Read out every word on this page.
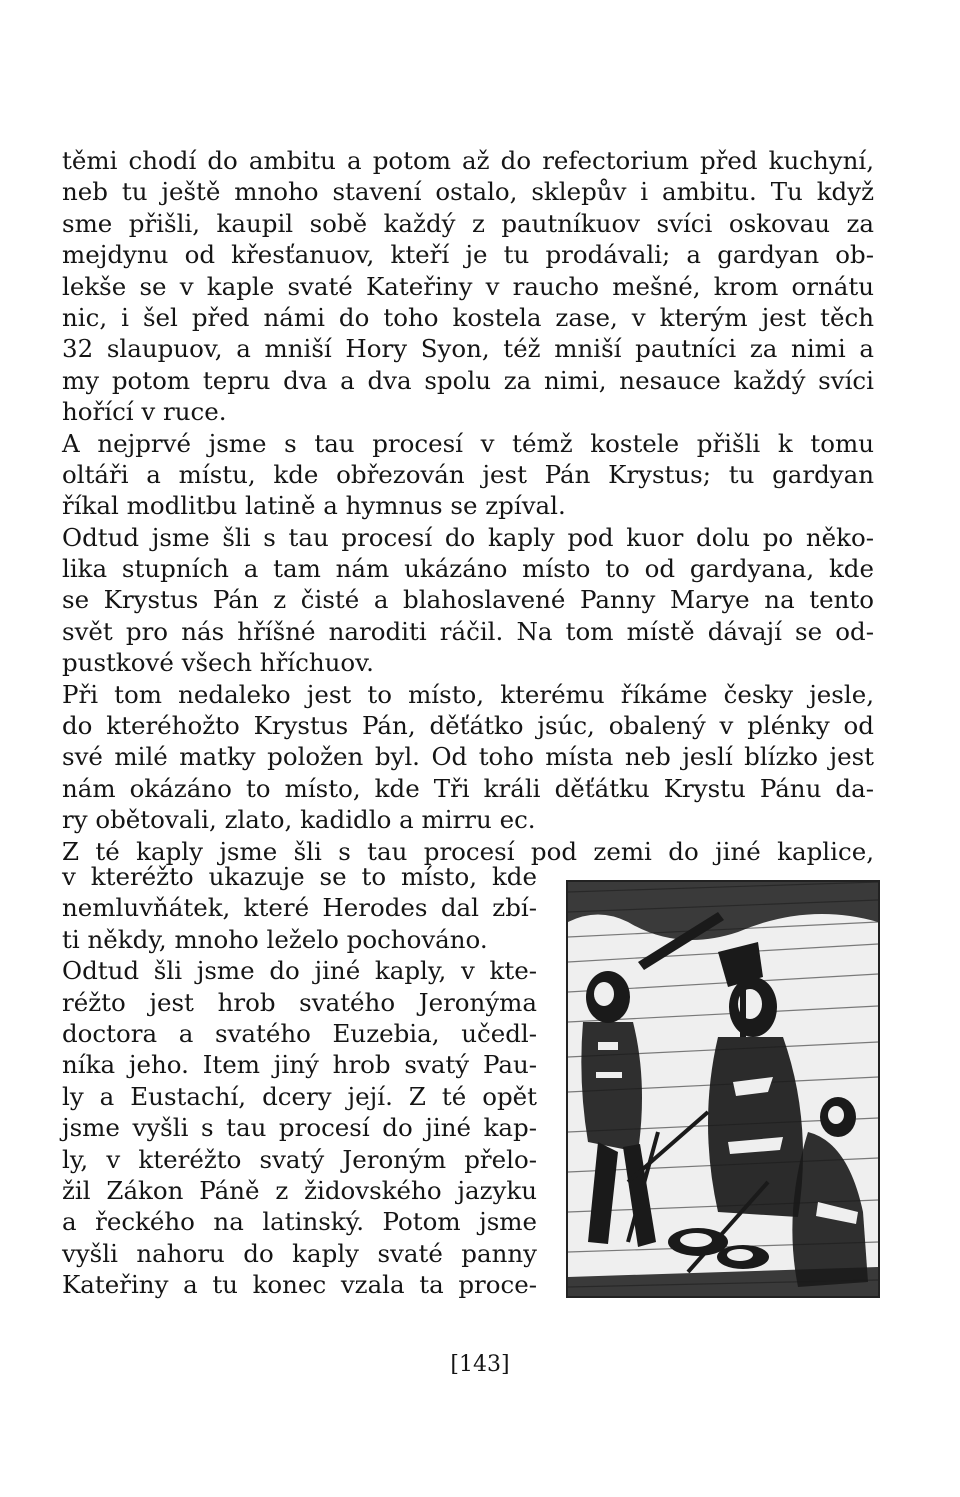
těmi chodí do ambitu a potom až do refectorium před kuchyní,
neb tu ještě mnoho stavení ostalo, sklepův i ambitu. Tu když
sme přišli, kaupil sobě každý z pautníkuov svíci oskovau za
mejdynu od křesťanuov, kteří je tu prodávali; a gardyan ob-
lekše se v kaple svaté Kateřiny v raucho mešné, krom ornátu
nic, i šel před námi do toho kostela zase, v kterým jest těch
32 slaupuov, a mniší Hory Syon, též mniší pautníci za nimi a
my potom tepru dva a dva spolu za nimi, nesauce každý svíci
hořící v ruce.
A nejprvé jsme s tau procesí v témž kostele přišli k tomu
oltáři a místu, kde obřezován jest Pán Krystus; tu gardyan
říkal modlitbu latině a hymnus se zpíval.
Odtud jsme šli s tau procesí do kaply pod kuor dolu po něko-
lika stupních a tam nám ukázáno místo to od gardyana, kde
se Krystus Pán z čisté a blahoslavené Panny Marye na tento
svět pro nás hříšné naroditi ráčil. Na tom místě dávají se od-
pustkové všech hříchuov.
Při tom nedaleko jest to místo, kterému říkáme česky jesle,
do kteréhožto Krystus Pán, děťátko jsúc, obalený v plénky od
své milé matky položen byl. Od toho místa neb jeslí blízko jest
nám okázáno to místo, kde Tři králi děťátku Krystu Pánu da-
ry obětovali, zlato, kadidlo a mirru ec.
Z té kaply jsme šli s tau procesí pod zemi do jiné kaplice,
v kteréžto ukazuje se to místo, kde
nemluvňátek, které Herodes dal zbí-
ti někdy, mnoho leželo pochováno.
Odtud šli jsme do jiné kaply, v kte-
réžto jest hrob svatého Jeronýma
doctora a svatého Euzebia, učedl-
níka jeho. Item jiný hrob svatý Pau-
ly a Eustachí, dcery její. Z té opět
jsme vyšli s tau procesí do jiné kap-
ly, v kteréžto svatý Jeroným přelo-
žil Zákon Páně z židovského jazyku
a řeckého na latinský. Potom jsme
vyšli nahoru do kaply svaté panny
Kateřiny a tu konec vzala ta proce-
[143]
